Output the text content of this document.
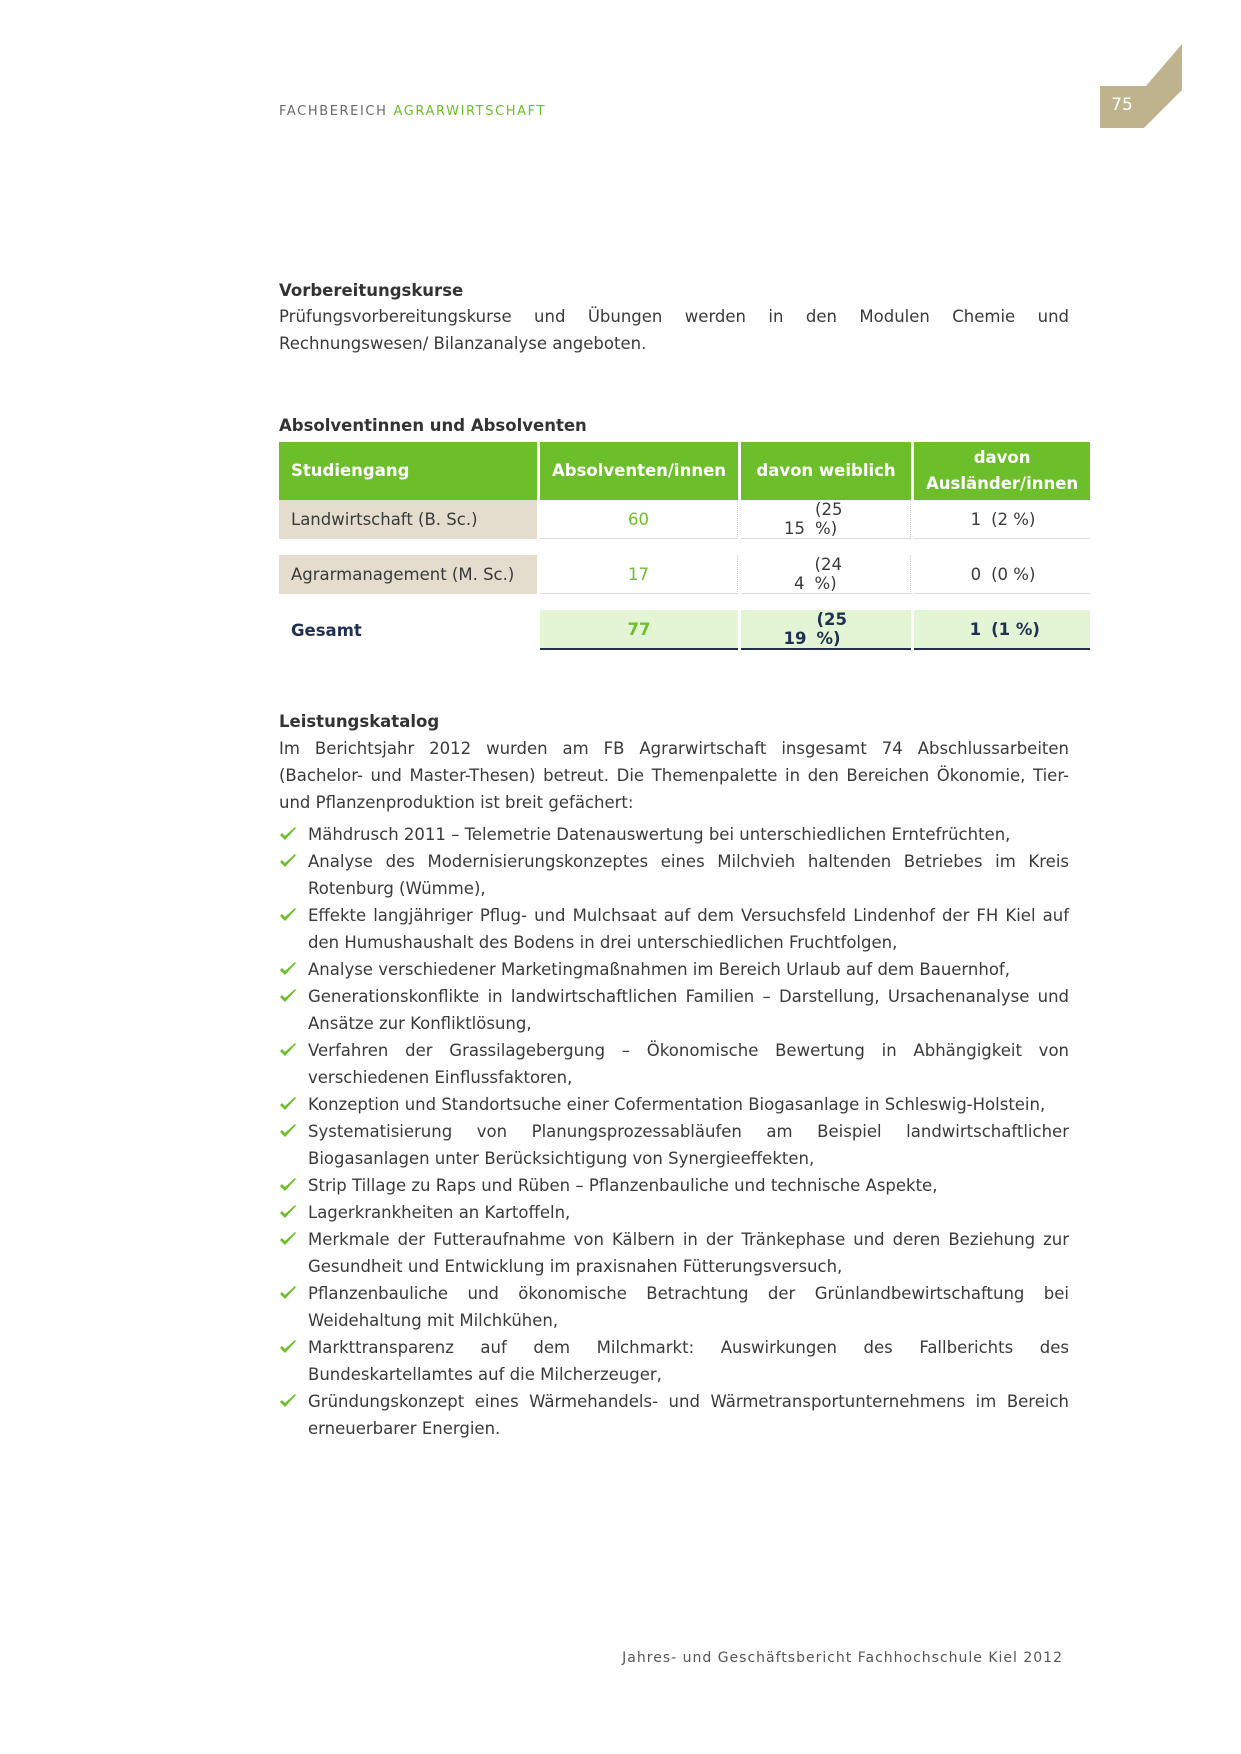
FACHBEREICH AGRARWIRTSCHAFT	75
Vorbereitungskurse
Prüfungsvorbereitungskurse und Übungen werden in den Modulen Chemie und Rechnungswesen/ Bilanzanalyse angeboten.
Absolventinnen und Absolventen
Studiengang	Absolventen/innen	davon weiblich	davon Ausländer/innen
Landwirtschaft (B. Sc.)	60	15(25 %)	1 (2 %)

Agrarmanagement (M. Sc.)	17	4(24 %)	0 (0 %)

Gesamt	77	19(25 %)	1 (1 %)
Leistungskatalog
Im Berichtsjahr 2012 wurden am FB Agrarwirtschaft insgesamt 74 Abschlussarbeiten (Bachelor- und Master-Thesen) betreut. Die Themenpalette in den Bereichen Ökonomie, Tier- und Pflanzenproduktion ist breit gefächert:
Mähdrusch 2011 – Telemetrie Datenauswertung bei unterschiedlichen Erntefrüchten,
Analyse des Modernisierungskonzeptes eines Milchvieh haltenden Betriebes im Kreis Rotenburg (Wümme),
Effekte langjähriger Pflug- und Mulchsaat auf dem Versuchsfeld Lindenhof der FH Kiel auf den Humushaushalt des Bodens in drei unterschiedlichen Fruchtfolgen,
Analyse verschiedener Marketingmaßnahmen im Bereich Urlaub auf dem Bauernhof,
Generationskonflikte in landwirtschaftlichen Familien – Darstellung, Ursachenanalyse und Ansätze zur Konfliktlösung,
Verfahren der Grassilagebergung – Ökonomische Bewertung in Abhängigkeit von verschiedenen Einflussfaktoren,
Konzeption und Standortsuche einer Cofermentation Biogasanlage in Schleswig-Holstein,
Systematisierung von Planungsprozessabläufen am Beispiel landwirtschaftlicher Biogasanlagen unter Berücksichtigung von Synergieeffekten,
Strip Tillage zu Raps und Rüben – Pflanzenbauliche und technische Aspekte,
Lagerkrankheiten an Kartoffeln,
Merkmale der Futteraufnahme von Kälbern in der Tränkephase und deren Beziehung zur Gesundheit und Entwicklung im praxisnahen Fütterungsversuch,
Pflanzenbauliche und ökonomische Betrachtung der Grünlandbewirtschaftung bei Weidehaltung mit Milchkühen,
Markttransparenz auf dem Milchmarkt: Auswirkungen des Fallberichts des Bundeskartellamtes auf die Milcherzeuger,
Gründungskonzept eines Wärmehandels- und Wärmetransportunternehmens im Bereich erneuerbarer Energien.
Jahres- und Geschäftsbericht Fachhochschule Kiel 2012
